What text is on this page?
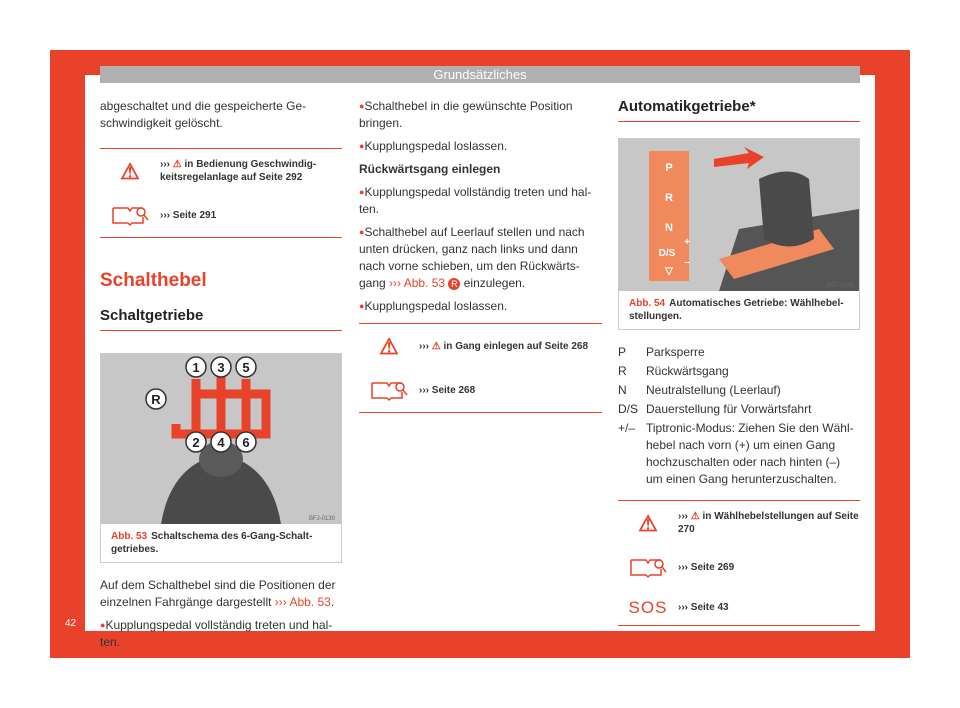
Grundsätzliches
42

abgeschaltet und die gespeicherte Ge-schwindigkeit gelöscht.

⚠ ››› ⚠ in Bedienung Geschwindig-keitsregelanlage auf Seite 292
››› Seite 291

Schalthebel

Schaltgetriebe

1 3 5
2 4 6
R
BFJ-0130
Abb. 53 Schaltschema des 6-Gang-Schalt-getriebes.

Auf dem Schalthebel sind die Positionen der einzelnen Fahrgänge dargestellt ››› Abb. 53.

● Kupplungspedal vollständig treten und hal-ten.

● Schalthebel in die gewünschte Position bringen.

● Kupplungspedal loslassen.

Rückwärtsgang einlegen

● Kupplungspedal vollständig treten und hal-ten.

● Schalthebel auf Leerlauf stellen und nach unten drücken, ganz nach links und dann nach vorne schieben, um den Rückwärts-gang ››› Abb. 53 R einzulegen.

● Kupplungspedal loslassen.

⚠ ››› ⚠ in Gang einlegen auf Seite 268
››› Seite 268

Automatikgetriebe*

P
R
N
D/S
▽
+
–
B57-0206
Abb. 54 Automatisches Getriebe: Wählhebel-stellungen.
P	Parksperre
R	Rückwärtsgang
N	Neutralstellung (Leerlauf)
D/S Dauerstellung für Vorwärtsfahrt
+/– Tiptronic-Modus: Ziehen Sie den Wähl-hebel nach vorn (+) um einen Gang hochzuschalten oder nach hinten (–) um einen Gang herunterzuschalten.
⚠ ››› ⚠ in Wählhebelstellungen auf Seite 270
››› Seite 269
SOS ››› Seite 43
